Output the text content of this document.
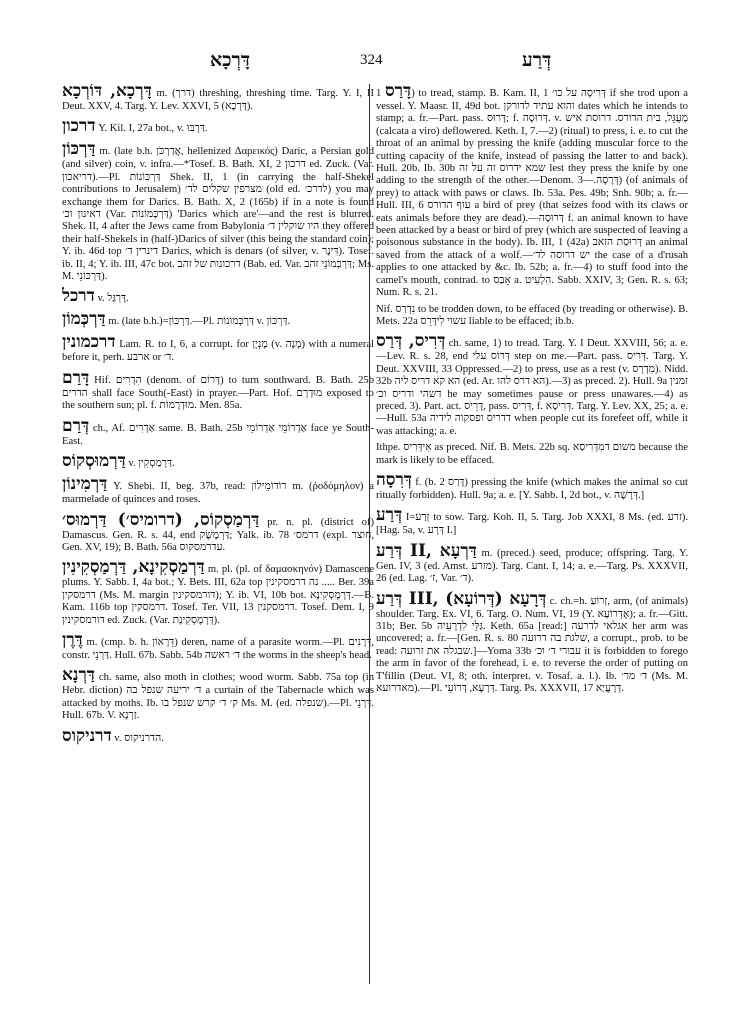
דָּרְכָא	324	דְּרַע

דָּרְכָא, דּוֹרְכָא m. (דרך) threshing, threshing time. Targ. Y. I, II Deut. XXV, 4. Targ. Y. Lev. XXVI, 5 (דָּרְכָא).

דרכון Y. Kil. I, 27a bot., v. דַּרְבּוּ.

דַּרְכּוֹן m. (late b.h. אֲדַרְכֹּן, hellenized Δαρεικός) Daric, a Persian gold (and silver) coin, v. infra.—*Tosef. B. Bath. XI, 2 דרכון ed. Zuck. (Var. דריאכון).—Pl. דַּרְכּוֹנוֹת Shek. II, 1 (in carrying the half-Shekel contributions to Jerusalem) מצרפין שקלים לד׳ (old ed. לדרכ׳) you may exchange them for Darics. B. Bath. X, 2 (165b) if in a note is found דאינון וכ׳ (Var. דַּרְכְּמוֹנוֹת) 'Darics which are'—and the rest is blurred. Shek. II, 4 after the Jews came from Babylonia היו שוקלין ד׳ they offered their half-Shekels in (half-)Darics of silver (this being the standard coin); Y. ib. 46d top דינרין ד׳ Darics, which is denars (of silver, v. דִּינָר). Tosef. ib. II, 4; Y. ib. III, 47c bot. דרכונות של זהב (Bab. ed. Var. דַּרְכְּמוֹנֵי זהב; Ms. M. דַּרְכּוֹנֵי).

דרכל v. דָּרְגַּל.

דַּרְכְּמוֹן m. (late b.h.)=דַּרְכּוֹן.—Pl. דַּרְכְּמוֹנוֹת v. דַּרְכּוֹן.

דרכמונין Lam. R. to I, 6, a corrupt. for מֶנְיָן (v. מְנָה) with a numeral before it, perh. ארבע or ד׳.

דָּרַם Hif. הִדְרִים (denom. of דָּרוֹם) to turn southward. B. Bath. 25b הדרים shall face South(-East) in prayer.—Part. Hof. מוּדְרָם exposed to the southern sun; pl. f. מוּדְרָמוֹת. Men. 85a.

דְּרַם ch., Af. אַדְרִים same. B. Bath. 25b אַדְרוֹמֵי אַדְרוֹמֵי face ye South-East.

דַּרְמוּסְקוֹס v. דַּרְמַסְקִין.

דַּרְמִינוֹן Y. Shebi. II, beg. 37b, read: רוֹדוֹמֵילוֹן m. (ῥοδόμηλον) a marmelade of quinces and roses.

דַּרְמַסְקוֹס, (דרומיס׳) דַּרְמוּס׳ pr. n. pl. (district of) Damascus. Gen. R. s. 44, end דַּרְמֶשֶׂק; Yalk. ib. 78 דרמס׳ (expl. חוצר, Gen. XV, 19); B. Bath. 56a עדרמסקוס.

דַּרְמַסְקִינָא, דַּרְמַסְקִינִין m. pl. (pl. of δαμασκηνόν) Damascene plums. Y. Sabb. I, 4a bot.; Y. Bets. III, 62a top נה דרמסקינין ..... Ber. 39a דרמסקין (Ms. M. margin דורמסקינין); Y. ib. VI, 10b bot. דְּרָמֶסְקִינָא.—B. Kam. 116b top דרמסקין. Tosef. Ter. VII, 13 דרמסקנין. Tosef. Dem. I, 9 דורמסקינין ed. Zuck. (Var. דְּרָמֶסְקִינָת).

דֶּרֶן m. (cmp. b. h. דֵּרָאוֹן) deren, name of a parasite worm.—Pl. דְּרָנִים, constr. דַּרְנֵי. Hull. 67b. Sabb. 54b ד׳ ראשה the worms in the sheep's head.

דַּרְנָא ch. same, also moth in clothes; wood worm. Sabb. 75a top (in Hebr. diction) ד׳ יריעה שנפל בה a curtain of the Tabernacle which was attacked by moths. Ib. ק׳ ד׳ קרש שנפל בו Ms. M. (ed. שנפלה).—Pl. דַּרְנֵי. Hull. 67b. V. זַרְנָא.

דרניקוס v. הדרניקוס.

דָּרַס 1) to tread, stamp. B. Kam. II, 1 דְּרִיסָה על כו׳ if she trod upon a vessel. Y. Maasr. II, 49d bot. והוא עתיד לדורקן dates which he intends to stamp; a. fr.—Part. pass. דָּרוּס; f. דְּרוּסָה. v. מְעֻגֵּל, בית הדורס. דרוסת איש (calcata a viro) deflowered. Keth. I, 7.—2) (ritual) to press, i. e. to cut the throat of an animal by pressing the knife (adding muscular force to the cutting capacity of the knife, instead of passing the latter to and back). Hull. 20b. Ib. 30b שמא ידרוס זה על זה lest they press the knife by one adding to the strength of the other.—Denom. דְּרָסָה.—3) (of animals of prey) to attack with paws or claws. Ib. 53a. Pes. 49b; Snh. 90b; a. fr.—Hull. III, 6 עוף הדורס a bird of prey (that seizes food with its claws or eats animals before they are dead).—דְּרוּסָה f. an animal known to have been attacked by a beast or bird of prey (which are suspected of leaving a poisonous substance in the body). Ib. III, 1 (42a) דְּרוּסַת הזאב an animal saved from the attack of a wolf.—יש דרוסה לד׳ the case of a d'rusah applies to one attacked by &c. Ib. 52b; a. fr.—4) to stuff food into the camel's mouth, contrad. to אָבַס a. הִלְעִיט. Sabb. XXIV, 3; Gen. R. s. 63; Num. R. s. 21.

Nif. נִדְרַס to be trodden down, to be effaced (by treading or otherwise). B. Mets. 22a עשוי לִידָּרֵס liable to be effaced; ib.b.

דְּרִיס, דְּרַס ch. same, 1) to tread. Targ. Y. I Deut. XXVIII, 56; a. e.—Lev. R. s. 28, end דְּרוֹס עלי step on me.—Part. pass. דְּרִיס. Targ. Y. Deut. XXVIII, 33 Oppressed.—2) to press, use as a rest (v. מִדְרָס). Nidd. 32b הא קא דריס ליה (ed. Ar. הא דרס להו).—3) as preced. 2). Hull. 9a זמנין דשהי ודריס וכ׳ he may sometimes pause or press unawares.—4) as preced. 3). Part. act. דָּרֵיס, pass. דְּרִיס, f. דְּרִיסָא. Targ. Y. Lev. XX, 25; a. e.—Hull. 53a דדריס ופסקוה לידיה when people cut its forefeet off, while it was attacking; a. e.

Ithpe. אִידְּרִיס as preced. Nif. B. Mets. 22b sq. משום דמִדְּרִיסַא because the mark is likely to be effaced.

דְּרִסָה f. (b. דָּרַס 2) pressing the knife (which makes the animal so cut ritually forbidden). Hull. 9a; a. e. [Y. Sabb. I, 2d bot., v. דְּרָשָׁה.]

דְּרַע I=זְרַע to sow. Targ. Koh. II, 5. Targ. Job XXXI, 8 Ms. (ed. זרע). [Hag. 5a, v. דְּרָע I.]

דְּרַע II, דַּרְעָא m. (preced.) seed, produce; offspring. Targ. Y. Gen. IV, 3 (ed. Amst. מזרע). Targ. Cant. I, 14; a. e.—Targ. Ps. XXXVII, 26 (ed. Lag. ז׳, Var. ד׳).

דְּרַע III, דְּרָעָא (דְּרוֹעָא) c. ch.=h. זְרוֹעַ, arm, (of animals) shoulder. Targ. Ex. VI, 6. Targ. O. Num. VI, 19 (Y. אֶדְרוֹעָא); a. fr.—Gitt. 31b; Ber. 5b גַּלֵּי לִדְרָעֵיה. Keth. 65a [read:] אגלאי לדרעה her arm was uncovered; a. fr.—[Gen. R. s. 80 שלגת בה דרועה, a corrupt., prob. to be read: שבגלה את זרועה.]—Yoma 33b עבורי ד׳ וכ׳ it is forbidden to forego the arm in favor of the forehead, i. e. to reverse the order of putting on T'fillin (Deut. VI, 8; oth. interpret. v. Tosaf. a. l.). Ib. ד׳ מר׳ (Ms. M. מאדרועא).—Pl. דְּרָעָא, דְּרוֹעֵי. Targ. Ps. XXXVII, 17 דְּרָעֲיָא.
